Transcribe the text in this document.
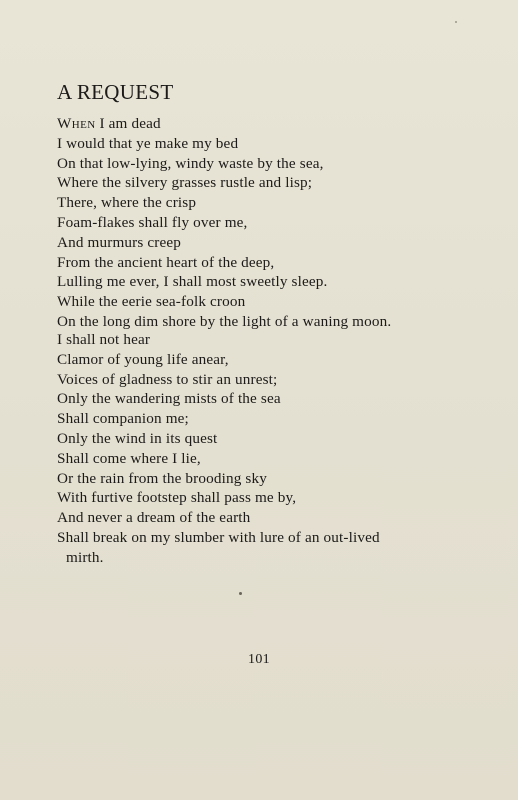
A REQUEST
When I am dead
I would that ye make my bed
On that low-lying, windy waste by the sea,
Where the silvery grasses rustle and lisp;
There, where the crisp
Foam-flakes shall fly over me,
And murmurs creep
From the ancient heart of the deep,
Lulling me ever, I shall most sweetly sleep.
While the eerie sea-folk croon
On the long dim shore by the light of a waning moon.
I shall not hear
Clamor of young life anear,
Voices of gladness to stir an unrest;
Only the wandering mists of the sea
Shall companion me;
Only the wind in its quest
Shall come where I lie,
Or the rain from the brooding sky
With furtive footstep shall pass me by,
And never a dream of the earth
Shall break on my slumber with lure of an out-lived
mirth.
101
